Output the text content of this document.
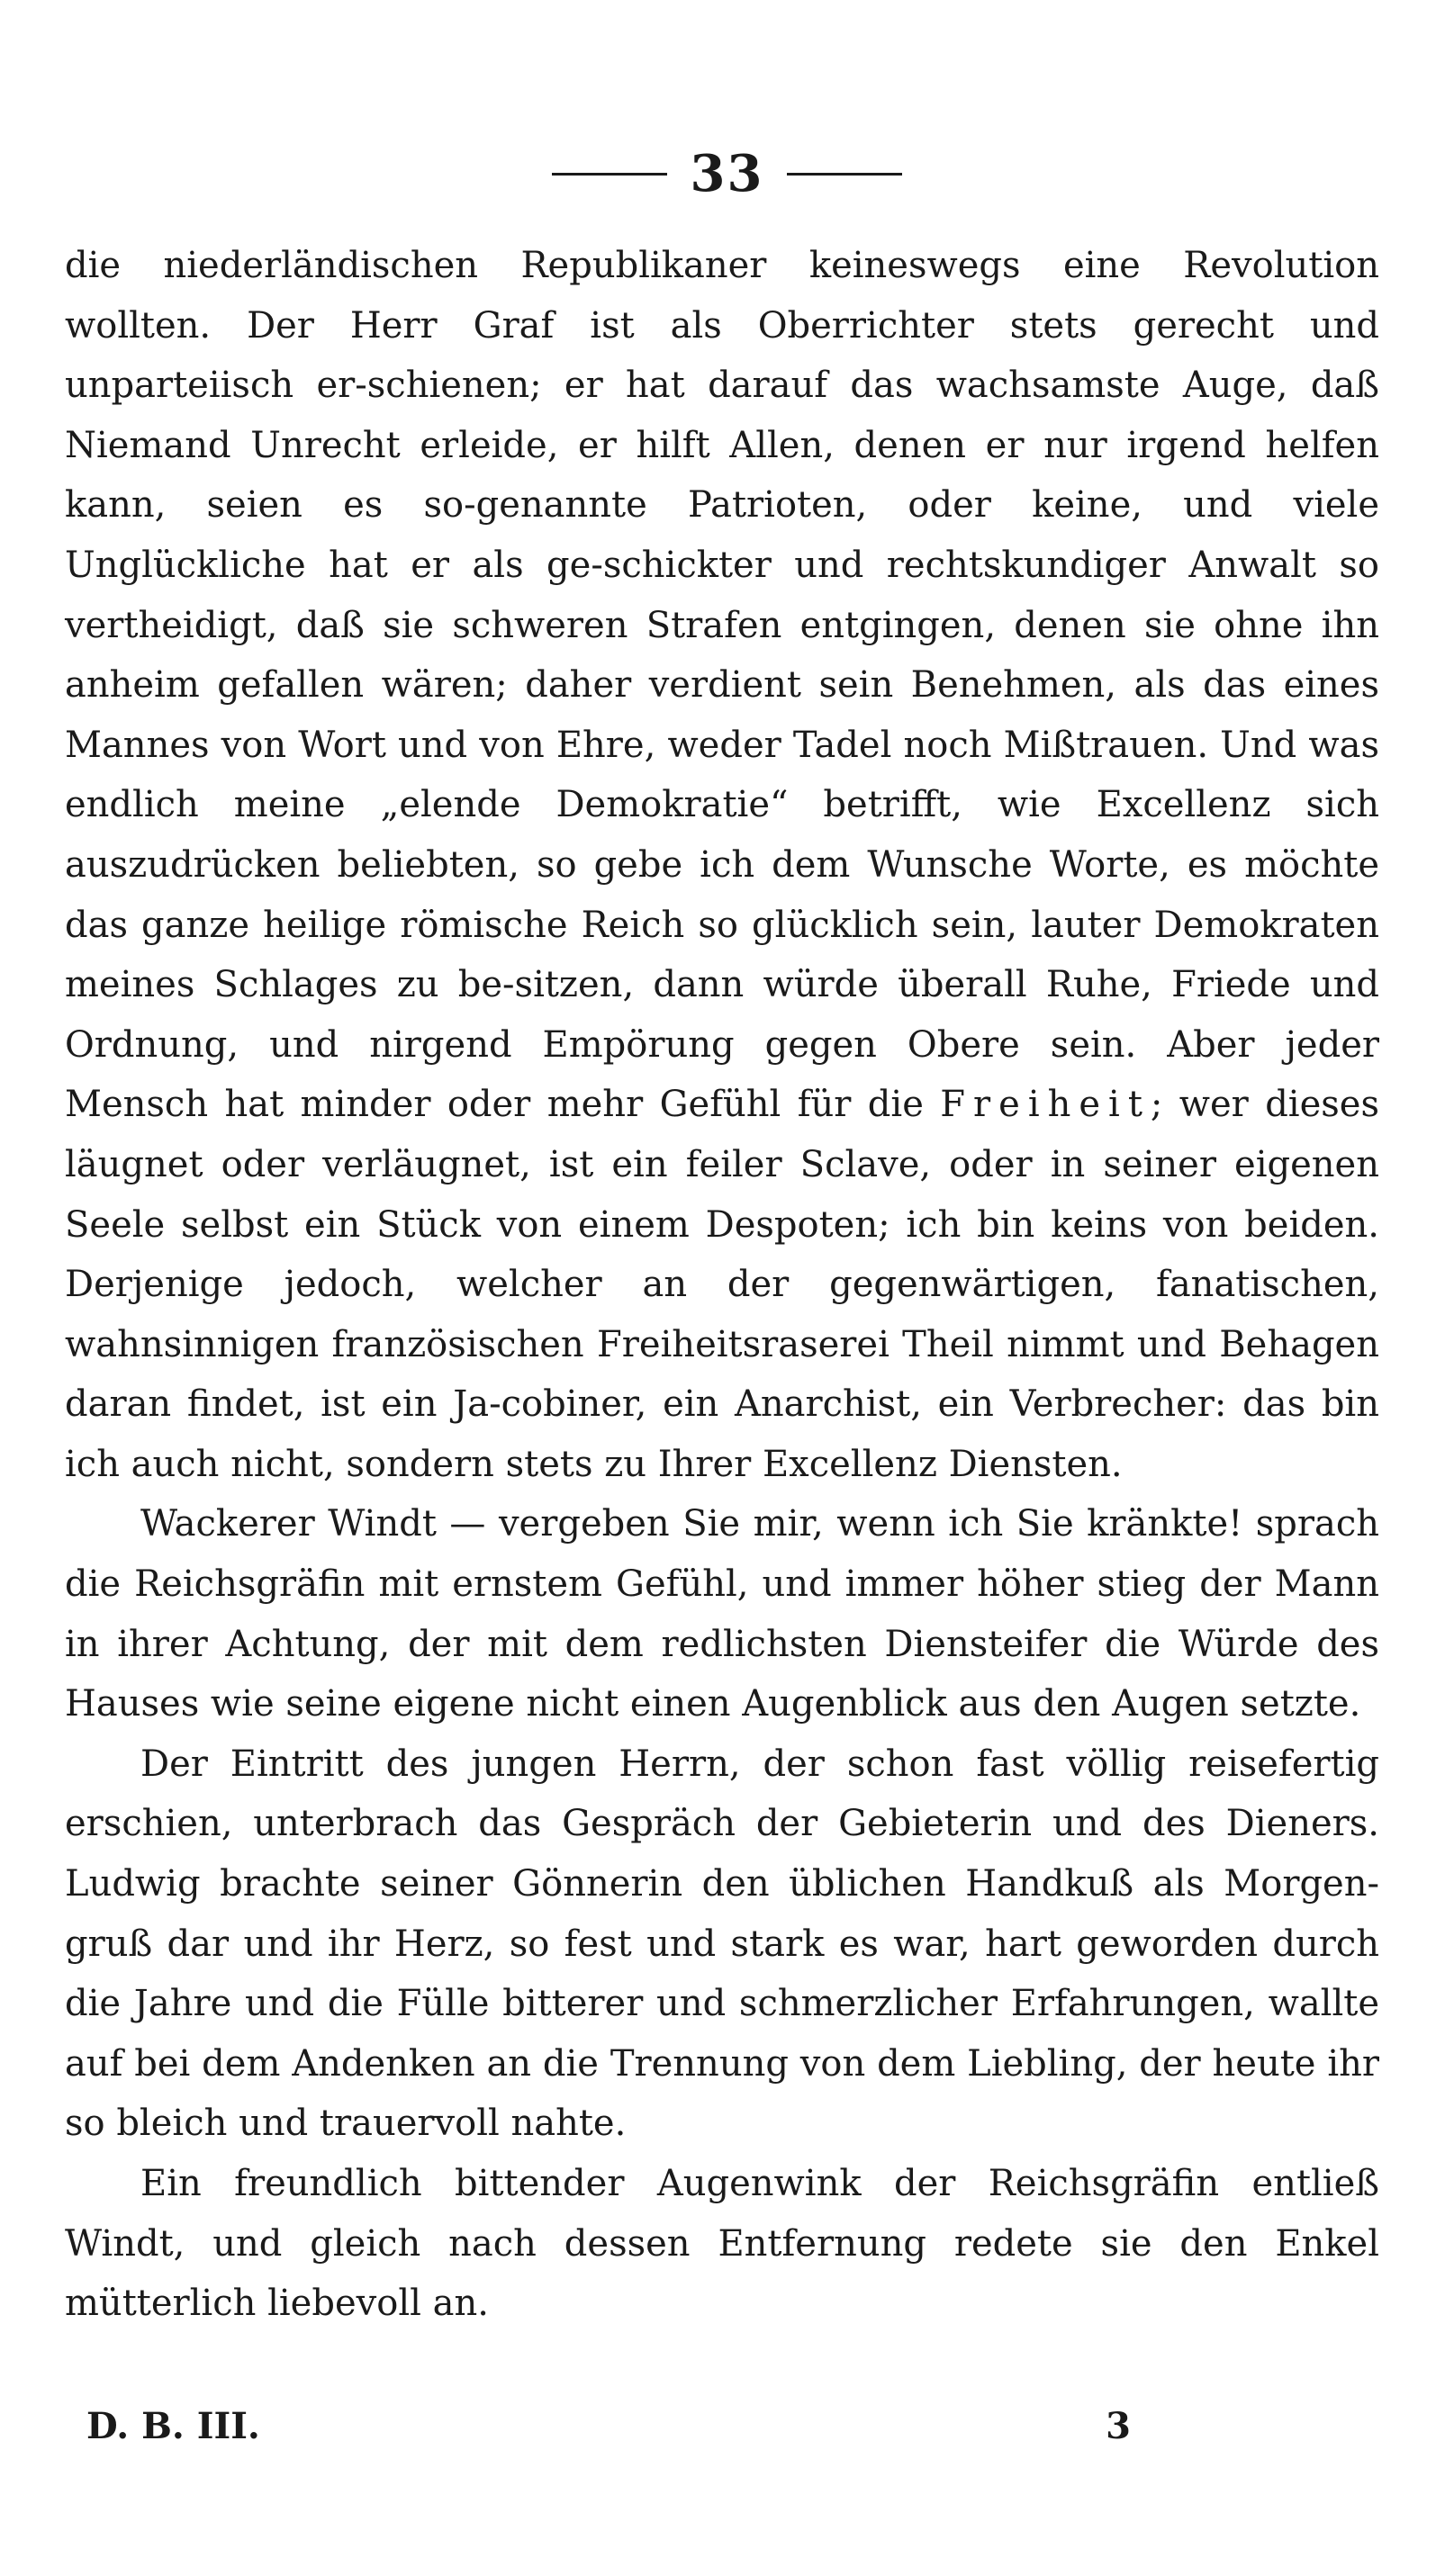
33

die niederländischen Republikaner keineswegs eine Revolution wollten. Der Herr Graf ist als Oberrichter stets gerecht und unparteiisch er-schienen; er hat darauf das wachsamste Auge, daß Niemand Unrecht erleide, er hilft Allen, denen er nur irgend helfen kann, seien es so-genannte Patrioten, oder keine, und viele Unglückliche hat er als ge-schickter und rechtskundiger Anwalt so vertheidigt, daß sie schweren Strafen entgingen, denen sie ohne ihn anheim gefallen wären; daher verdient sein Benehmen, als das eines Mannes von Wort und von Ehre, weder Tadel noch Mißtrauen. Und was endlich meine „elende Demokratie“ betrifft, wie Excellenz sich auszudrücken beliebten, so gebe ich dem Wunsche Worte, es möchte das ganze heilige römische Reich so glücklich sein, lauter Demokraten meines Schlages zu be-sitzen, dann würde überall Ruhe, Friede und Ordnung, und nirgend Empörung gegen Obere sein. Aber jeder Mensch hat minder oder mehr Gefühl für die Freiheit; wer dieses läugnet oder verläugnet, ist ein feiler Sclave, oder in seiner eigenen Seele selbst ein Stück von einem Despoten; ich bin keins von beiden. Derjenige jedoch, welcher an der gegenwärtigen, fanatischen, wahnsinnigen französischen Freiheitsraserei Theil nimmt und Behagen daran findet, ist ein Ja-cobiner, ein Anarchist, ein Verbrecher: das bin ich auch nicht, sondern stets zu Ihrer Excellenz Diensten.

Wackerer Windt — vergeben Sie mir, wenn ich Sie kränkte! sprach die Reichsgräfin mit ernstem Gefühl, und immer höher stieg der Mann in ihrer Achtung, der mit dem redlichsten Diensteifer die Würde des Hauses wie seine eigene nicht einen Augenblick aus den Augen setzte.

Der Eintritt des jungen Herrn, der schon fast völlig reisefertig erschien, unterbrach das Gespräch der Gebieterin und des Dieners. Ludwig brachte seiner Gönnerin den üblichen Handkuß als Morgen-gruß dar und ihr Herz, so fest und stark es war, hart geworden durch die Jahre und die Fülle bitterer und schmerzlicher Erfahrungen, wallte auf bei dem Andenken an die Trennung von dem Liebling, der heute ihr so bleich und trauervoll nahte.

Ein freundlich bittender Augenwink der Reichsgräfin entließ Windt, und gleich nach dessen Entfernung redete sie den Enkel mütterlich liebevoll an.

D. B. III.	3
